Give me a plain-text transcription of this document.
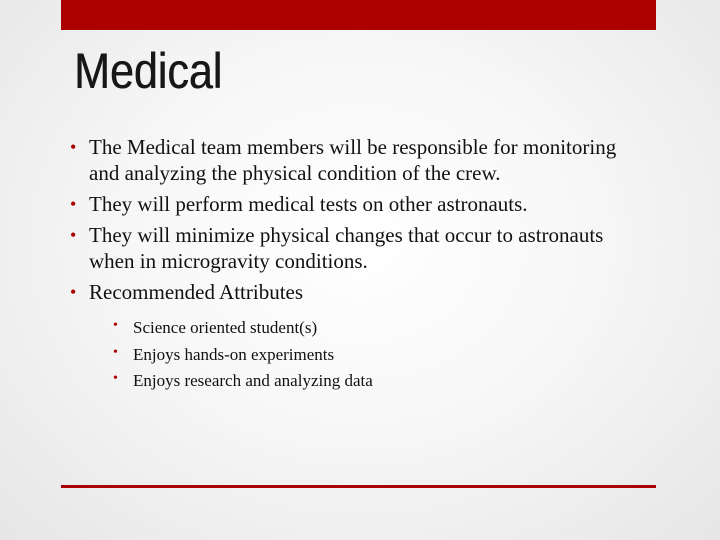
Medical
• The Medical team members will be responsible for monitoring and analyzing the physical condition of the crew.
• They will perform medical tests on other astronauts.
• They will minimize physical changes that occur to astronauts when in microgravity conditions.
• Recommended Attributes
• Science oriented student(s)
• Enjoys hands-on experiments
• Enjoys research and analyzing data
